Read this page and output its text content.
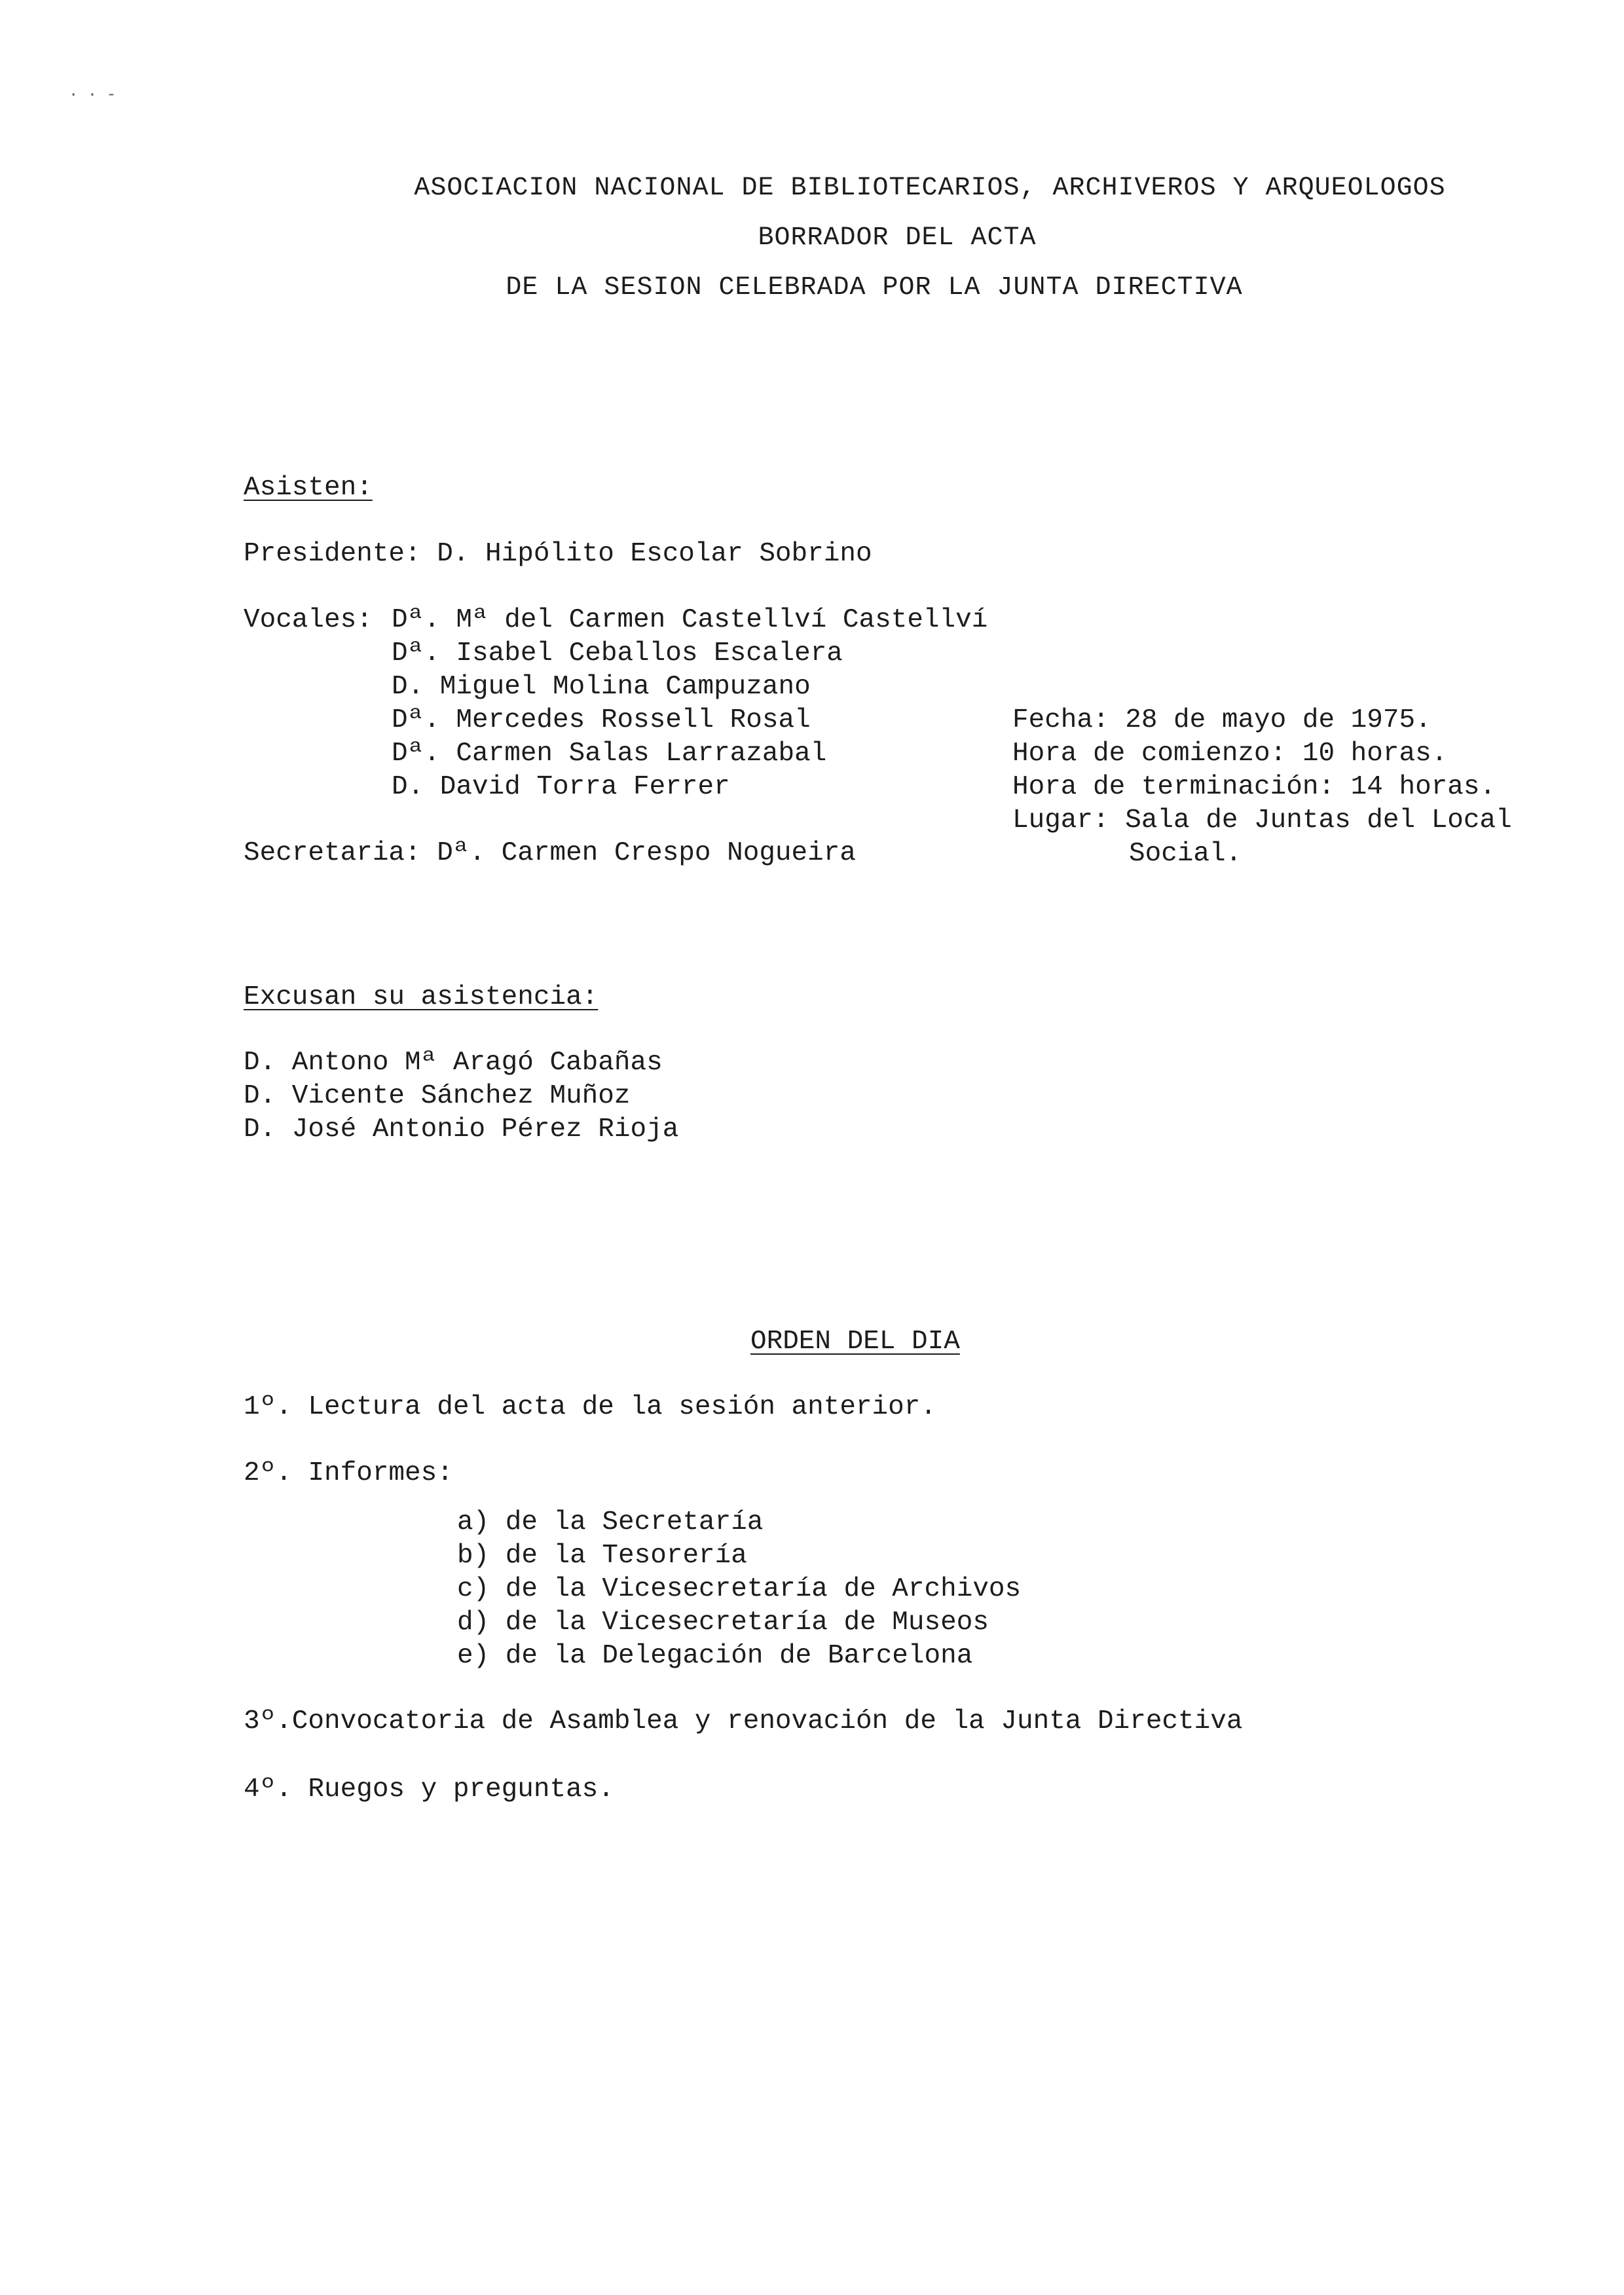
· · ‐
ASOCIACION NACIONAL DE BIBLIOTECARIOS, ARCHIVEROS Y ARQUEOLOGOS
BORRADOR DEL ACTA
DE LA SESION CELEBRADA POR LA JUNTA DIRECTIVA
Asisten:
Presidente: D. Hipólito Escolar Sobrino
Vocales: Dª. Mª del Carmen Castellví Castellví
Dª. Isabel Ceballos Escalera
D. Miguel Molina Campuzano
Dª. Mercedes Rossell Rosal
Dª. Carmen Salas Larrazabal
D. David Torra Ferrer
Secretaria: Dª. Carmen Crespo Nogueira
Fecha: 28 de mayo de 1975.
Hora de comienzo: 10 horas.
Hora de terminación: 14 horas.
Lugar: Sala de Juntas del Local
Social.
Excusan su asistencia:
D. Antono Mª Aragó Cabañas
D. Vicente Sánchez Muñoz
D. José Antonio Pérez Rioja
ORDEN DEL DIA
1º. Lectura del acta de la sesión anterior.
2º. Informes:
a) de la Secretaría
b) de la Tesorería
c) de la Vicesecretaría de Archivos
d) de la Vicesecretaría de Museos
e) de la Delegación de Barcelona
3º.Convocatoria de Asamblea y renovación de la Junta Directiva
4º. Ruegos y preguntas.
